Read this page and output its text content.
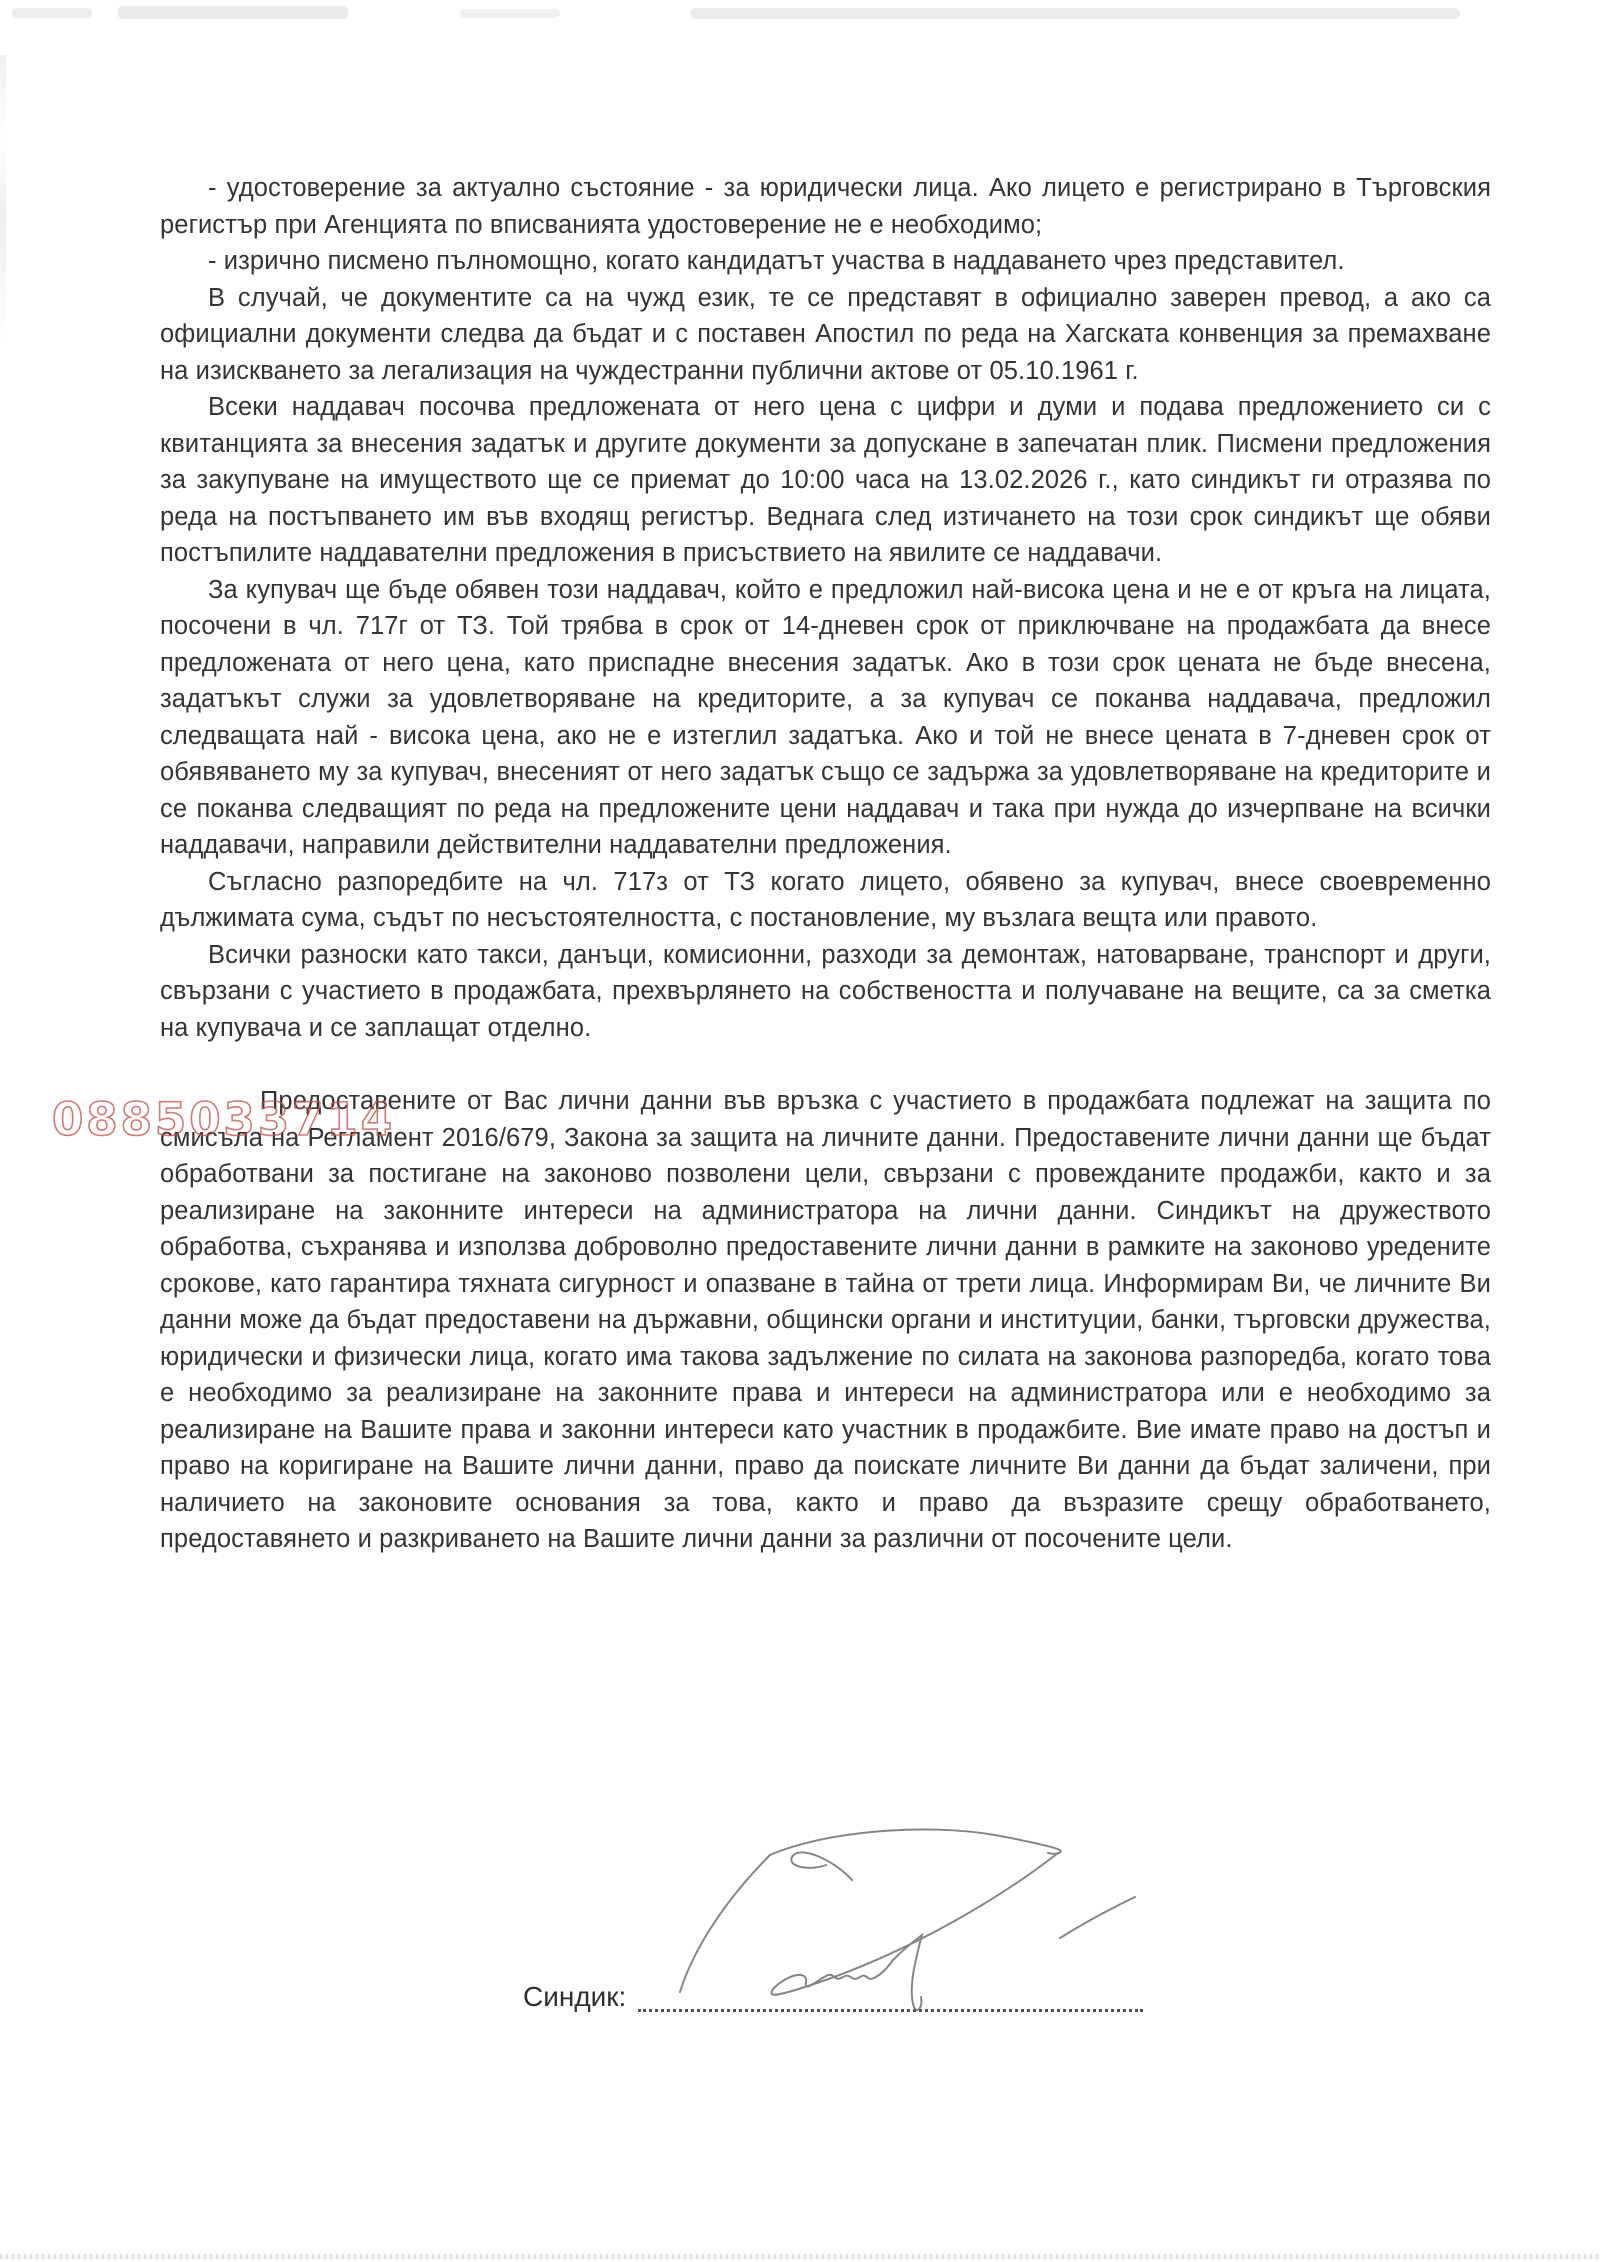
0885033714

- удостоверение за актуално състояние - за юридически лица. Ако лицето е регистрирано в Търговския регистър при Агенцията по вписванията удостоверение не е необходимо;

- изрично писмено пълномощно, когато кандидатът участва в наддаването чрез представител.

В случай, че документите са на чужд език, те се представят в официално заверен превод, а ако са официални документи следва да бъдат и с поставен Апостил по реда на Хагската конвенция за премахване на изискването за легализация на чуждестранни публични актове от 05.10.1961 г.

Всеки наддавач посочва предложената от него цена с цифри и думи и подава предложението си с квитанцията за внесения задатък и другите документи за допускане в запечатан плик. Писмени предложения за закупуване на имуществото ще се приемат до 10:00 часа на 13.02.2026 г., като синдикът ги отразява по реда на постъпването им във входящ регистър. Веднага след изтичането на този срок синдикът ще обяви постъпилите наддавателни предложения в присъствието на явилите се наддавачи.

За купувач ще бъде обявен този наддавач, който е предложил най-висока цена и не е от кръга на лицата, посочени в чл. 717г от ТЗ. Той трябва в срок от 14-дневен срок от приключване на продажбата да внесе предложената от него цена, като приспадне внесения задатък. Ако в този срок цената не бъде внесена, задатъкът служи за удовлетворяване на кредиторите, а за купувач се поканва наддавача, предложил следващата най - висока цена, ако не е изтеглил задатъка. Ако и той не внесе цената в 7-дневен срок от обявяването му за купувач, внесеният от него задатък също се задържа за удовлетворяване на кредиторите и се поканва следващият по реда на предложените цени наддавач и така при нужда до изчерпване на всички наддавачи, направили действителни наддавателни предложения.

Съгласно разпоредбите на чл. 717з от ТЗ когато лицето, обявено за купувач, внесе своевременно дължимата сума, съдът по несъстоятелността, с постановление, му възлага вещта или правото.

Всички разноски като такси, данъци, комисионни, разходи за демонтаж, натоварване, транспорт и други, свързани с участието в продажбата, прехвърлянето на собствеността и получаване на вещите, са за сметка на купувача и се заплащат отделно.

Предоставените от Вас лични данни във връзка с участието в продажбата подлежат на защита по смисъла на Регламент 2016/679, Закона за защита на личните данни. Предоставените лични данни ще бъдат обработвани за постигане на законово позволени цели, свързани с провежданите продажби, както и за реализиране на законните интереси на администратора на лични данни. Синдикът на дружеството обработва, съхранява и използва доброволно предоставените лични данни в рамките на законово уредените срокове, като гарантира тяхната сигурност и опазване в тайна от трети лица. Информирам Ви, че личните Ви данни може да бъдат предоставени на държавни, общински органи и институции, банки, търговски дружества, юридически и физически лица, когато има такова задължение по силата на законова разпоредба, когато това е необходимо за реализиране на законните права и интереси на администратора или е необходимо за реализиране на Вашите права и законни интереси като участник в продажбите. Вие имате право на достъп и право на коригиране на Вашите лични данни, право да поискате личните Ви данни да бъдат заличени, при наличието на законовите основания за това, както и право да възразите срещу обработването, предоставянето и разкриването на Вашите лични данни за различни от посочените цели.

Синдик:
